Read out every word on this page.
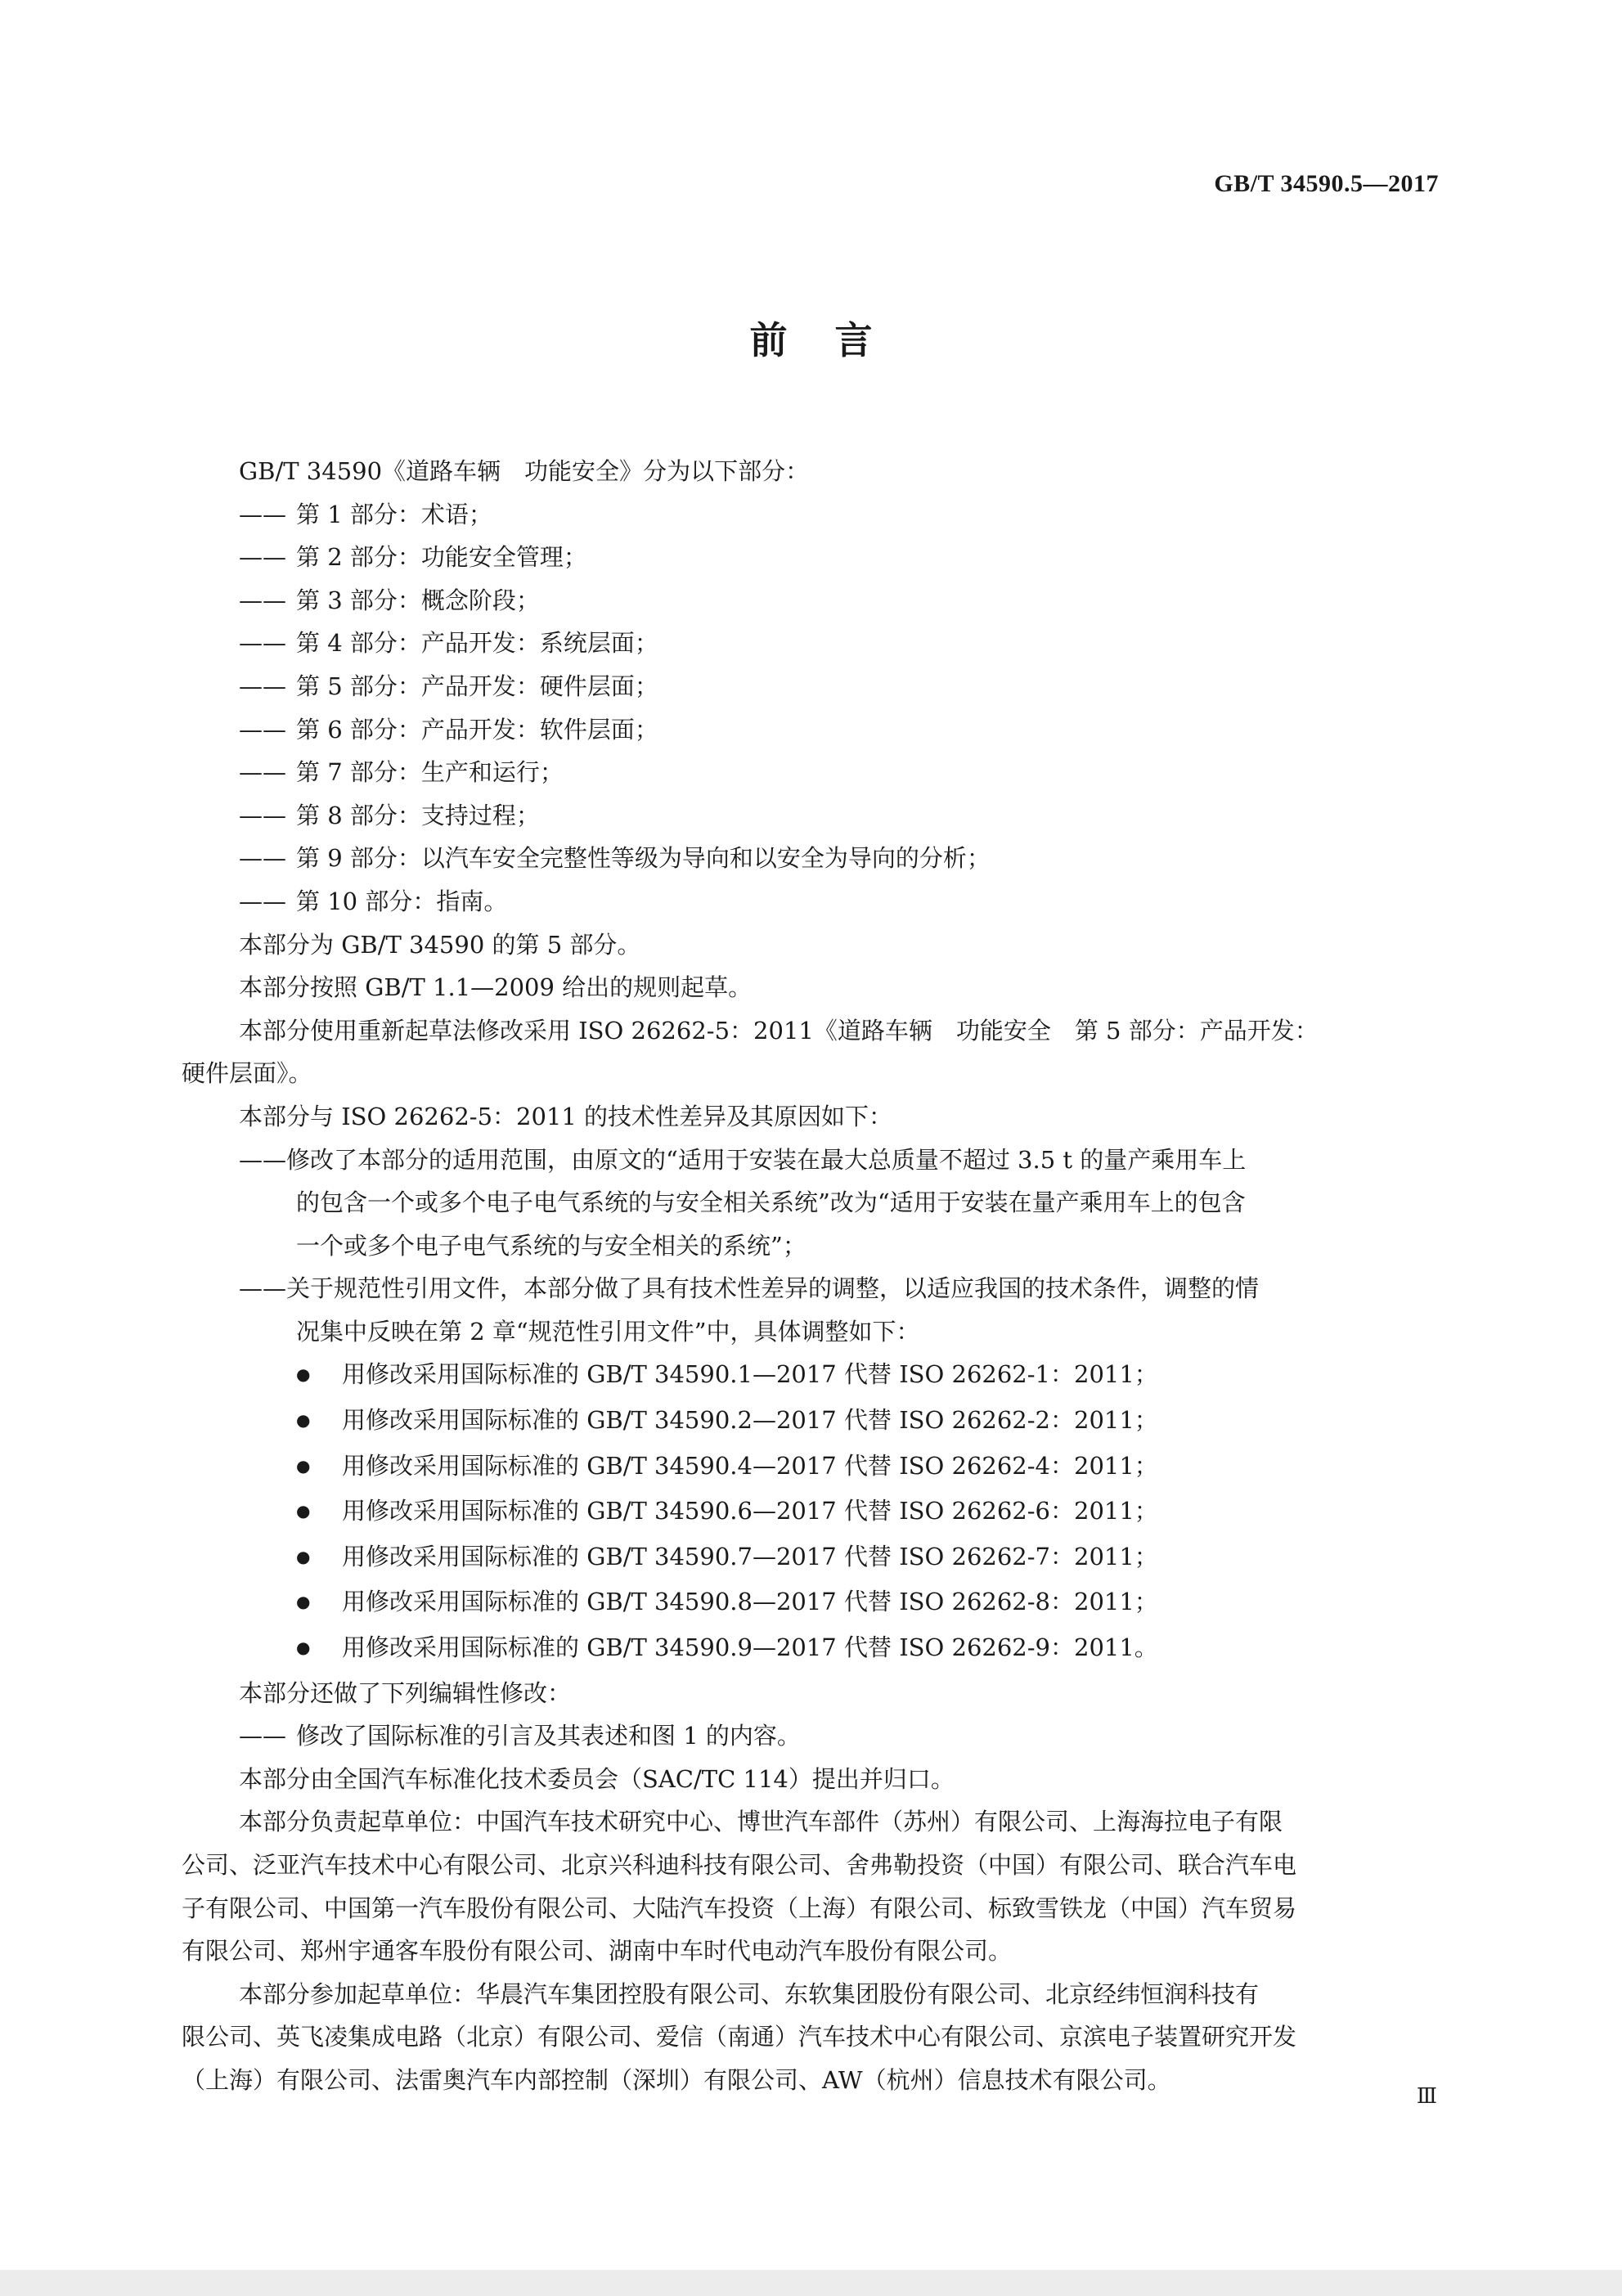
GB/T 34590.5—2017
前言

GB/T 34590《道路车辆　功能安全》分为以下部分：

—— 第 1 部分：术语；
—— 第 2 部分：功能安全管理；
—— 第 3 部分：概念阶段；
—— 第 4 部分：产品开发：系统层面；
—— 第 5 部分：产品开发：硬件层面；
—— 第 6 部分：产品开发：软件层面；
—— 第 7 部分：生产和运行；
—— 第 8 部分：支持过程；
—— 第 9 部分：以汽车安全完整性等级为导向和以安全为导向的分析；
—— 第 10 部分：指南。

本部分为 GB/T 34590 的第 5 部分。

本部分按照 GB/T 1.1—2009 给出的规则起草。

本部分使用重新起草法修改采用 ISO 26262-5：2011《道路车辆　功能安全　第 5 部分：产品开发：
硬件层面》。

本部分与 ISO 26262-5：2011 的技术性差异及其原因如下：

——修改了本部分的适用范围，由原文的“适用于安装在最大总质量不超过 3.5 t 的量产乘用车上
的包含一个或多个电子电气系统的与安全相关系统”改为“适用于安装在量产乘用车上的包含
一个或多个电子电气系统的与安全相关的系统”；
——关于规范性引用文件，本部分做了具有技术性差异的调整，以适应我国的技术条件，调整的情
况集中反映在第 2 章“规范性引用文件”中，具体调整如下：
●
用修改采用国际标准的 GB/T 34590.1—2017 代替 ISO 26262-1：2011；
●
用修改采用国际标准的 GB/T 34590.2—2017 代替 ISO 26262-2：2011；
●
用修改采用国际标准的 GB/T 34590.4—2017 代替 ISO 26262-4：2011；
●
用修改采用国际标准的 GB/T 34590.6—2017 代替 ISO 26262-6：2011；
●
用修改采用国际标准的 GB/T 34590.7—2017 代替 ISO 26262-7：2011；
●
用修改采用国际标准的 GB/T 34590.8—2017 代替 ISO 26262-8：2011；
●
用修改采用国际标准的 GB/T 34590.9—2017 代替 ISO 26262-9：2011。

本部分还做了下列编辑性修改：

—— 修改了国际标准的引言及其表述和图 1 的内容。

本部分由全国汽车标准化技术委员会（SAC/TC 114）提出并归口。

本部分负责起草单位：中国汽车技术研究中心、博世汽车部件（苏州）有限公司、上海海拉电子有限
公司、泛亚汽车技术中心有限公司、北京兴科迪科技有限公司、舍弗勒投资（中国）有限公司、联合汽车电
子有限公司、中国第一汽车股份有限公司、大陆汽车投资（上海）有限公司、标致雪铁龙（中国）汽车贸易
有限公司、郑州宇通客车股份有限公司、湖南中车时代电动汽车股份有限公司。
本部分参加起草单位：华晨汽车集团控股有限公司、东软集团股份有限公司、北京经纬恒润科技有
限公司、英飞凌集成电路（北京）有限公司、爱信（南通）汽车技术中心有限公司、京滨电子装置研究开发
（上海）有限公司、法雷奥汽车内部控制（深圳）有限公司、AW（杭州）信息技术有限公司。
Ⅲ
